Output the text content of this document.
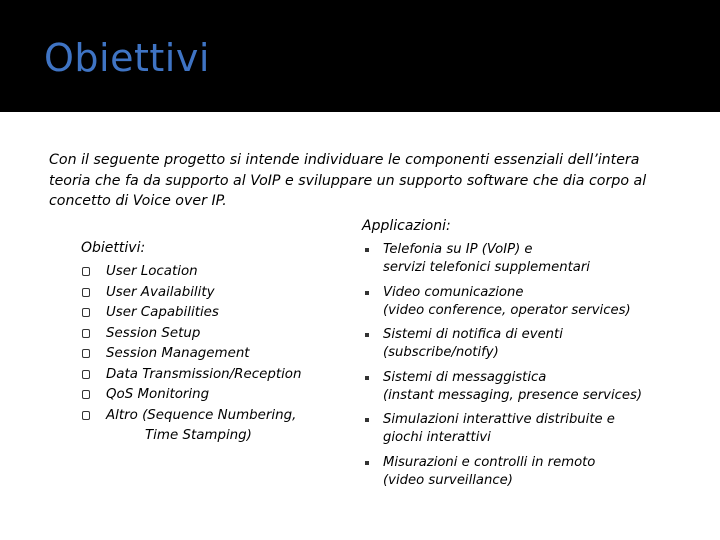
Obiettivi
Con il seguente progetto si intende individuare le componenti essenziali dell’intera teoria che fa da supporto al VoIP e sviluppare un supporto software che dia corpo al concetto di Voice over IP.
Obiettivi:
User Location
User Availability
User Capabilities
Session Setup
Session Management
Data Transmission/Reception
QoS Monitoring
Altro (Sequence Numbering,
Time Stamping)
Applicazioni:
Telefonia su IP (VoIP) e
servizi telefonici supplementari
Video comunicazione
(video conference, operator services)
Sistemi di notifica di eventi
(subscribe/notify)
Sistemi di messaggistica
(instant messaging, presence services)
Simulazioni interattive distribuite e
giochi interattivi
Misurazioni e controlli in remoto
(video surveillance)
